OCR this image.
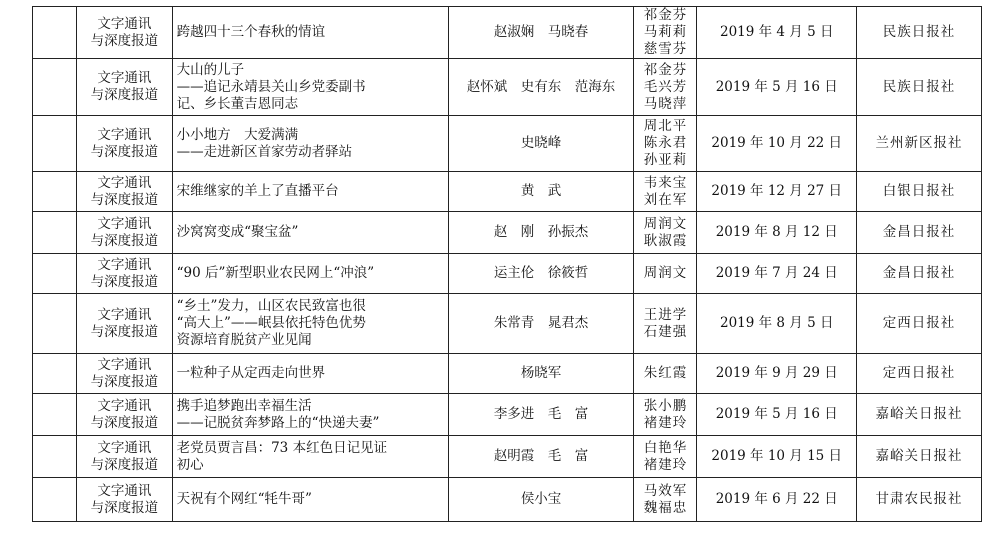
	文字通讯
与深度报道	跨越四十三个春秋的情谊	赵淑娴　马晓春	祁金芬
马莉莉
慈雪芬	2019 年 4 月 5 日	民族日报社

	文字通讯
与深度报道	大山的儿子
——追记永靖县关山乡党委副书
记、乡长董吉恩同志	赵怀斌　史有东　范海东	祁金芬
毛兴芳
马晓萍	2019 年 5 月 16 日	民族日报社

	文字通讯
与深度报道	小小地方　大爱满满
——走进新区首家劳动者驿站	史晓峰	周北平
陈永君
孙亚莉	2019 年 10 月 22 日	兰州新区报社

	文字通讯
与深度报道	宋维继家的羊上了直播平台	黄　武	韦来宝
刘在军	2019 年 12 月 27 日	白银日报社

	文字通讯
与深度报道	沙窝窝变成“聚宝盆”	赵　刚　孙振杰	周润文
耿淑霞	2019 年 8 月 12 日	金昌日报社

	文字通讯
与深度报道	“90 后”新型职业农民网上“冲浪”	运主伦　徐筱哲	周润文	2019 年 7 月 24 日	金昌日报社

	文字通讯
与深度报道	“乡土”发力，山区农民致富也很
“高大上”——岷县依托特色优势
资源培育脱贫产业见闻	朱常青　晁君杰	王进学
石建强	2019 年 8 月 5 日	定西日报社

	文字通讯
与深度报道	一粒种子从定西走向世界	杨晓军	朱红霞	2019 年 9 月 29 日	定西日报社

	文字通讯
与深度报道	携手追梦跑出幸福生活
——记脱贫奔梦路上的“快递夫妻”	李多进　毛　富	张小鹏
褚建玲	2019 年 5 月 16 日	嘉峪关日报社

	文字通讯
与深度报道	老党员贾言昌：73 本红色日记见证
初心	赵明霞　毛　富	白艳华
褚建玲	2019 年 10 月 15 日	嘉峪关日报社

	文字通讯
与深度报道	天祝有个网红“牦牛哥”	侯小宝	马效军
魏福忠	2019 年 6 月 22 日	甘肃农民报社
